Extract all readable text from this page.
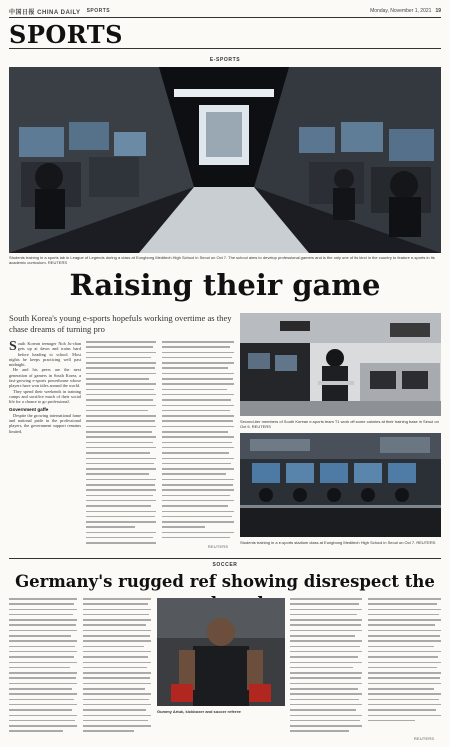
中国日报 CHINA DAILY SPORTS	Monday, November 1, 2021 19
SPORTS
E-SPORTS
Students training in a sports lab in League of Legends during a class at Eungbong Meditech High School in Seoul on Oct 7. The school aims to develop professional gamers and is the only one of its kind in the country to feature e-sports in its academic curriculum. REUTERS
Raising their game
South Korea's young e-sports hopefuls working overtime as they chase dreams of turning pro

South Korean teenager Noh Ju-chan gets up at dawn and trains hard before heading to school. Most nights he keeps practicing well past midnight.

He and his peers are the next generation of gamers in South Korea, a fast-growing e-sports powerhouse whose players have won titles around the world.

They spend their weekends in training camps and sacrifice much of their social life for a chance to go professional.

Government gaffe

Despite the growing international fame and national pride in the professional players, the government support remains limited.

REUTERS
Second-tier members of South Korean e-sports team T1 work off some calories at their training base in Seoul on Oct 5. REUTERS
Students training in a e-sports stadium class at Eungbong Meditech High School in Seoul on Oct 7. REUTERS
SOCCER
Germany's rugged ref showing disrespect the
Gummy Artuk, kickboxer and soccer referee
REUTERS
